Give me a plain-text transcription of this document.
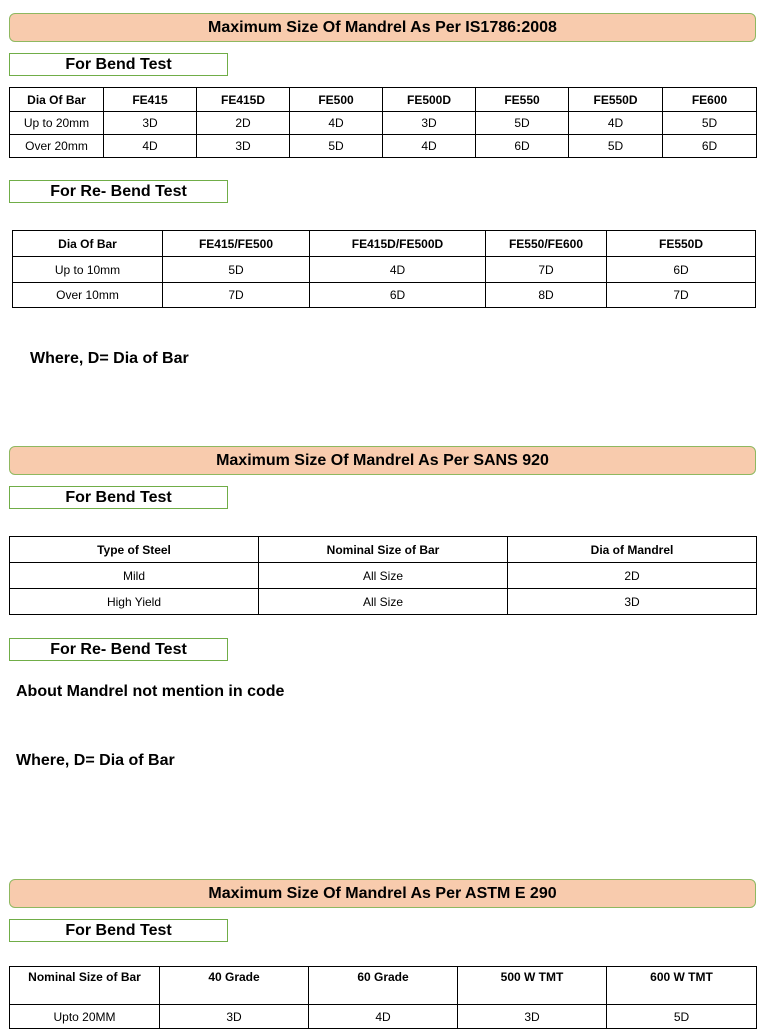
Maximum Size Of Mandrel As Per IS1786:2008
For Bend Test
Dia Of Bar	FE415	FE415D	FE500	FE500D	FE550	FE550D	FE600
Up to 20mm	3D	2D	4D	3D	5D	4D	5D
Over 20mm	4D	3D	5D	4D	6D	5D	6D
For Re- Bend Test
Dia Of Bar	FE415/FE500	FE415D/FE500D	FE550/FE600	FE550D
Up to 10mm	5D	4D	7D	6D
Over 10mm	7D	6D	8D	7D
Where, D= Dia of Bar
Maximum Size Of Mandrel As Per SANS 920
For Bend Test
Type of Steel	Nominal Size of Bar	Dia of Mandrel
Mild	All Size	2D
High Yield	All Size	3D
For Re- Bend Test
About Mandrel not mention in code
Where, D= Dia of Bar
Maximum Size Of Mandrel As Per ASTM E 290
For Bend Test
Nominal Size of Bar	40 Grade	60 Grade	500 W TMT	600 W TMT
Upto 20MM	3D	4D	3D	5D
